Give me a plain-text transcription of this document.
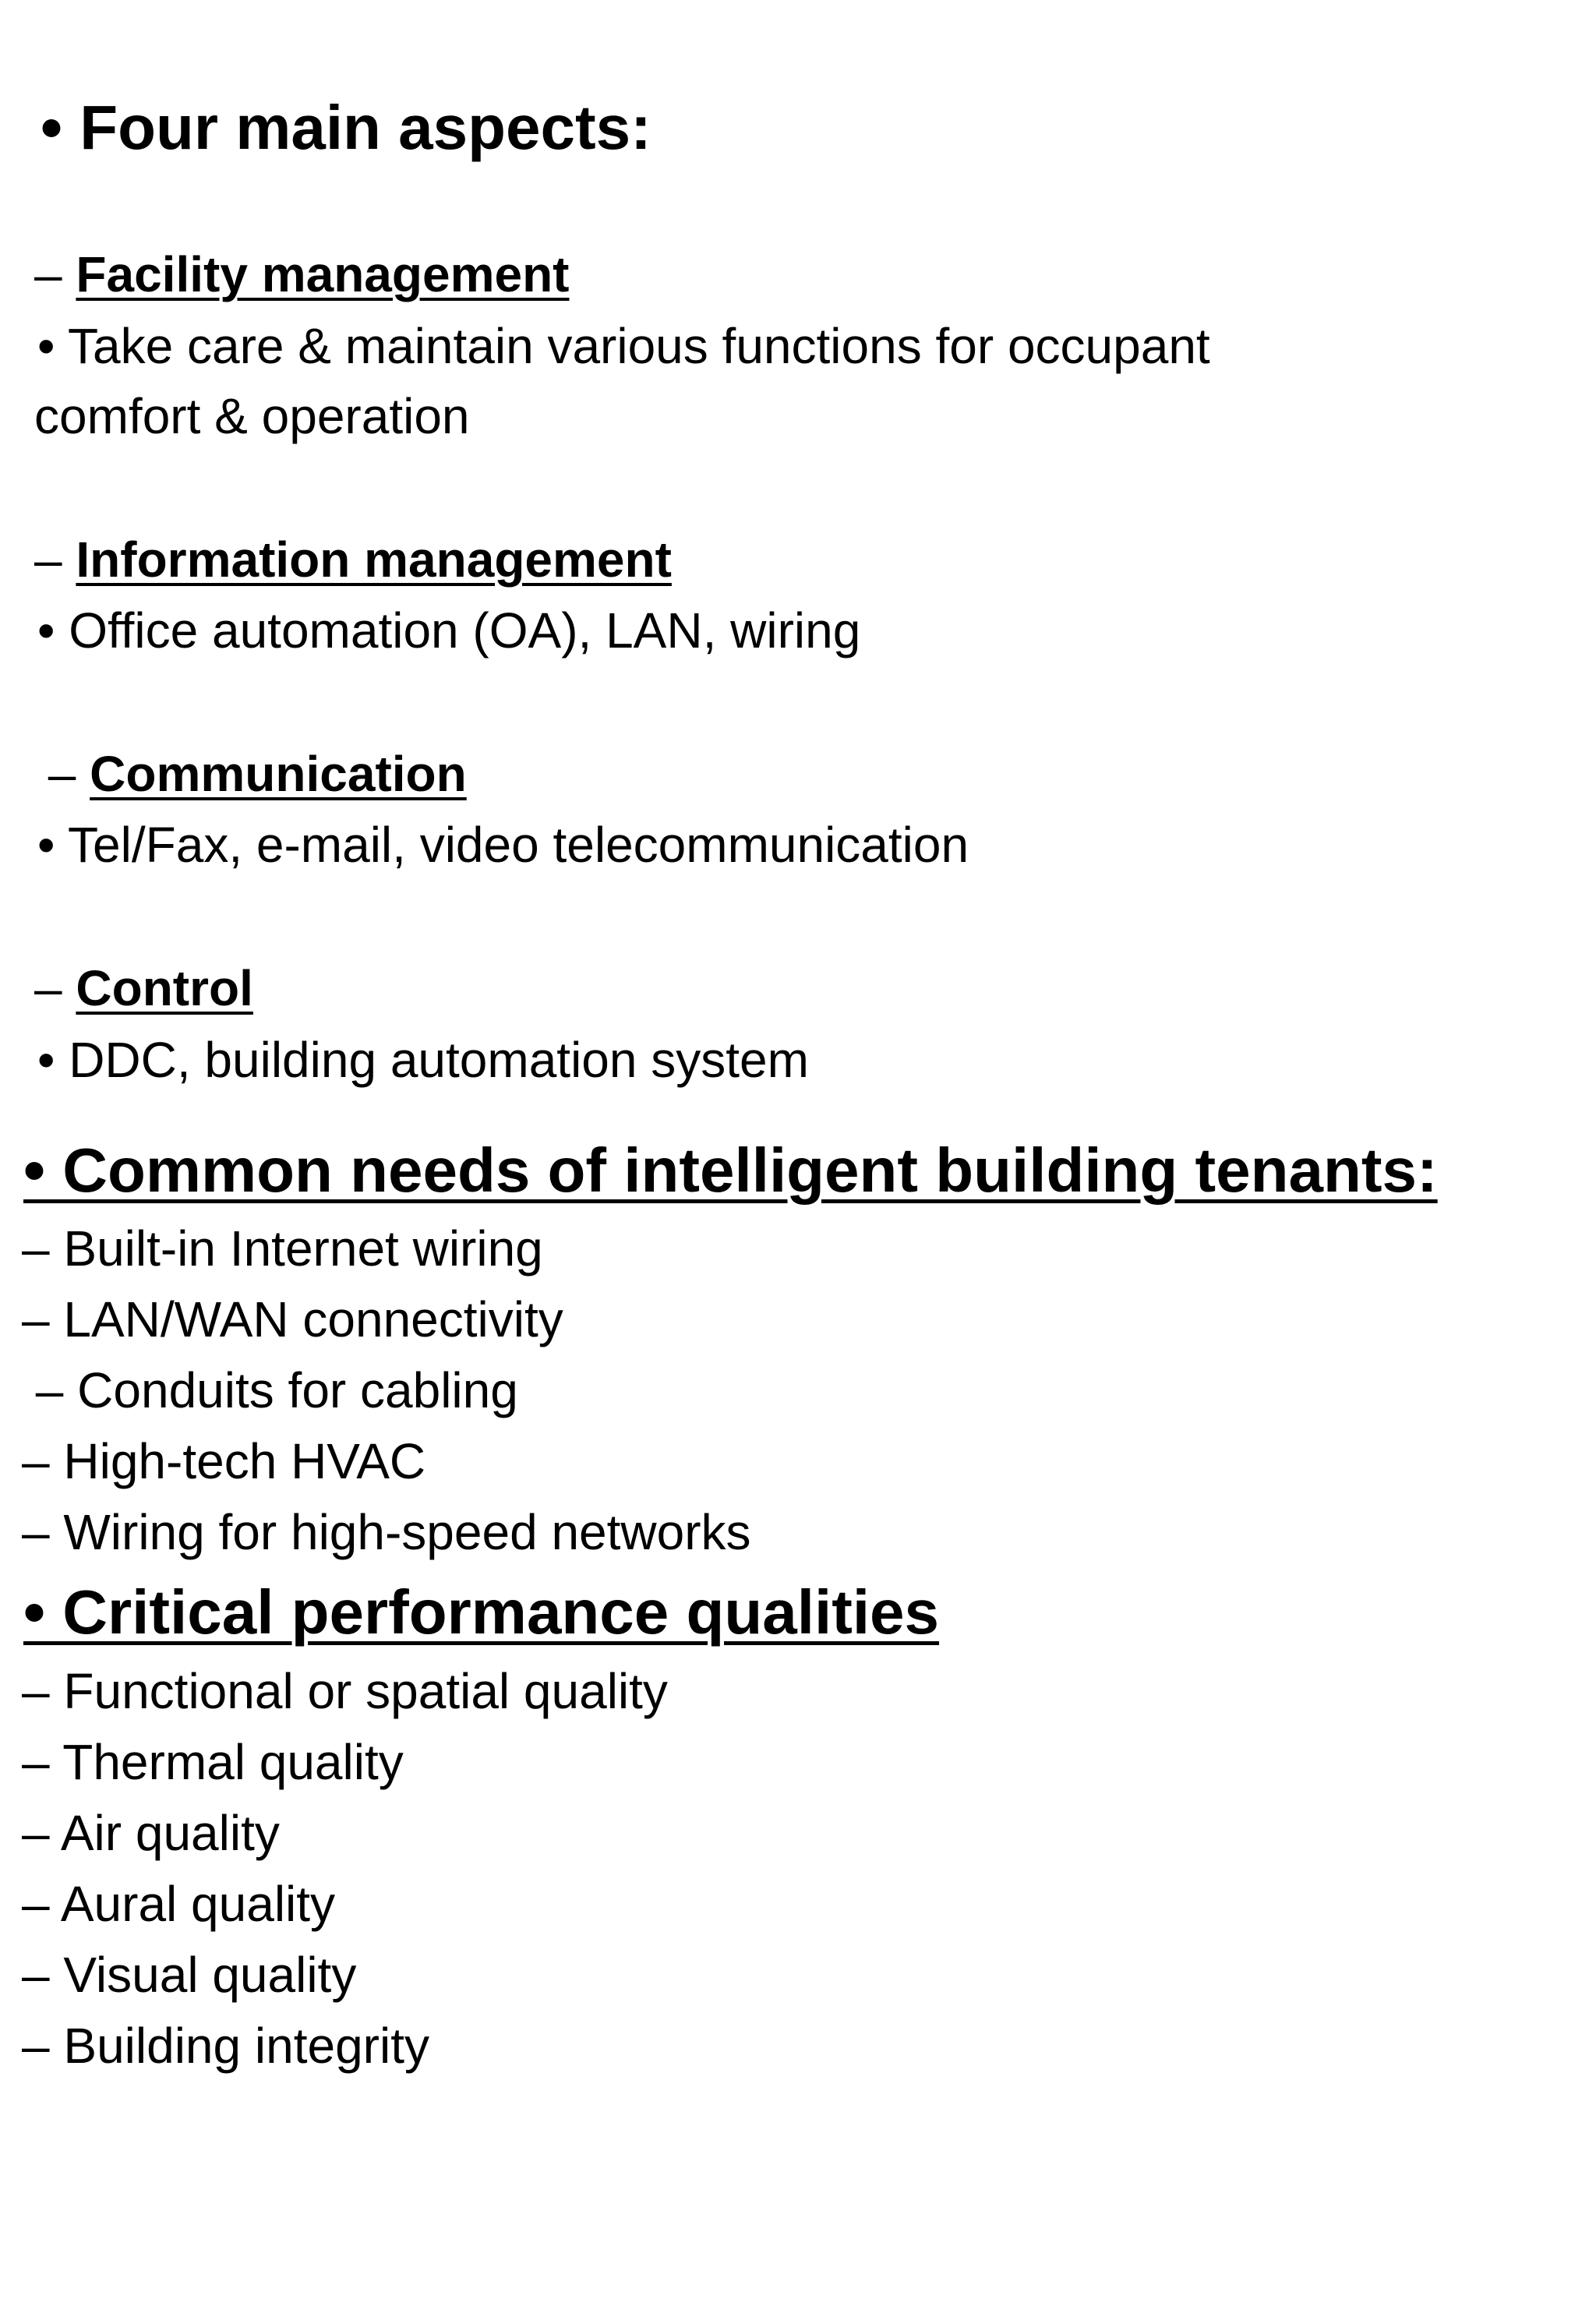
• Four main aspects:
– Facility management
• Take care & maintain various functions for occupant
comfort & operation
– Information management
• Office automation (OA), LAN, wiring
– Communication
• Tel/Fax, e-mail, video telecommunication
– Control
• DDC, building automation system
• Common needs of intelligent building tenants:
– Built-in Internet wiring
– LAN/WAN connectivity
– Conduits for cabling
– High-tech HVAC
– Wiring for high-speed networks
• Critical performance qualities
– Functional or spatial quality
– Thermal quality
– Air quality
– Aural quality
– Visual quality
– Building integrity
